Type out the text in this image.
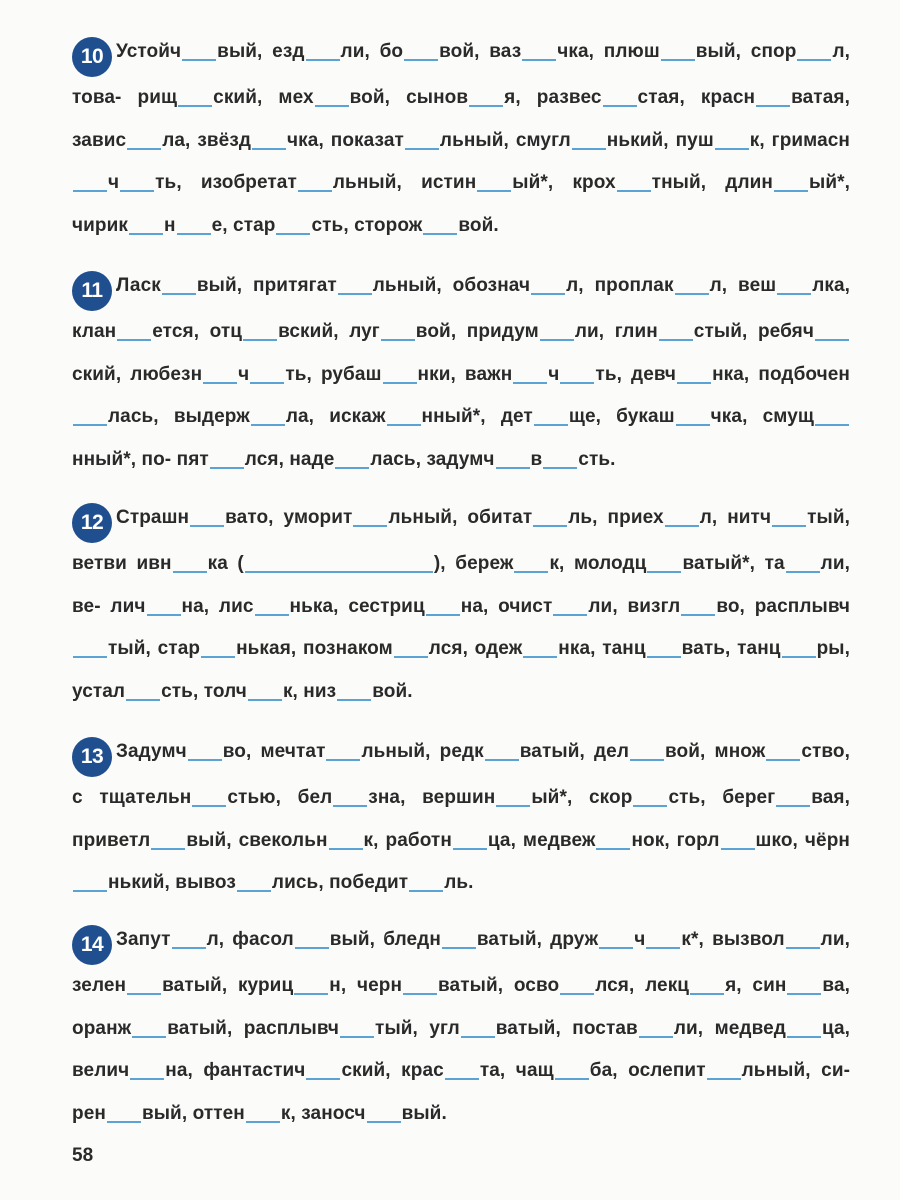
10 Устойч вый, езд ли, бо вой, ваз чка, плюш вый, спор л, това- рищ ский, мех вой, сынов я, развес стая, красн ватая, завис ла, звёзд чка, показат льный, смугл нький, пуш к, гримаснч ть, изобретат льный, истин ый*, крох тный, длин ый*, чирик н е, стар сть, сторож вой.
11 Ласк вый, притягат льный, обознач л, проплак л, веш лка, клан ется, отц вский, луг вой, придум ли, глин стый, ребячский, любезн ч ть, рубаш нки, важн ч ть, девч нка, подбоченлась, выдерж ла, искаж нный*, дет ще, букаш чка, смущнный*, по- пят лся, наде лась, задумч в сть.
12 Страшн вато, уморит льный, обитат ль, приех л, нитч тый, ветви ивн ка (	), береж к, молодц ватый*, та ли, ве- лич на, лис нька, сестриц на, очист ли, визгл во, расплывчтый, стар нькая, познаком лся, одеж нка, танц вать, танц ры, устал сть, толч к, низ вой.
13 Задумч во, мечтат льный, редк ватый, дел вой, множ ство, с тщательн стью, бел зна, вершин ый*, скор сть, берег вая, приветл вый, свекольн к, работн ца, медвеж нок, горл шко, чёрннький, вывоз лись, победит ль.
14 Запут л, фасол вый, бледн ватый, друж ч к*, вызвол ли, зелен ватый, куриц н, черн ватый, осво лся, лекц я, син ва, оранж ватый, расплывч тый, угл ватый, постав ли, медвед ца, велич на, фантастич ский, крас та, чащ ба, ослепит льный, си- рен вый, оттен к, заносч вый.
58
